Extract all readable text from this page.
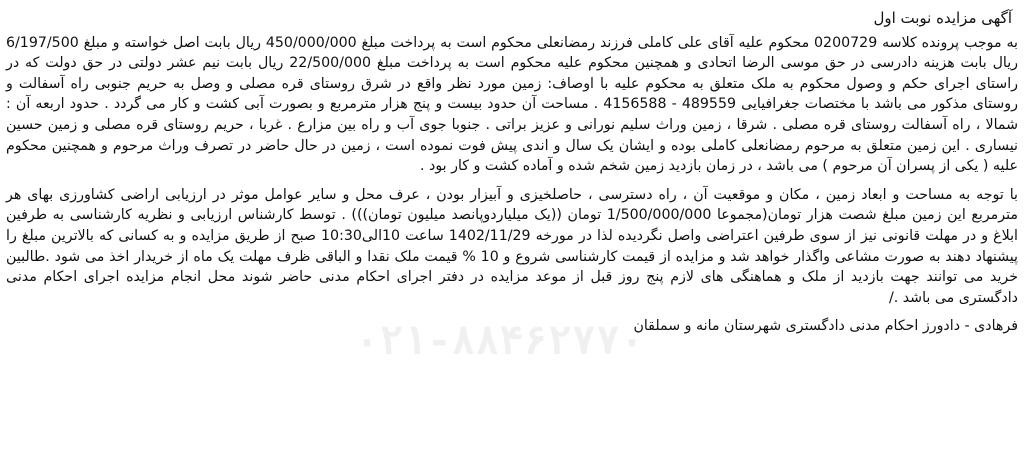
آگهی مزایده نوبت اول
به موجب پرونده کلاسه 0200729 محکوم علیه آقای علی کاملی فرزند رمضانعلی محکوم است به پرداخت مبلغ 450/000/000 ریال بابت اصل خواسته و مبلغ 6/197/500 ریال بابت هزینه دادرسی در حق موسی الرضا اتحادی و همچنین محکوم علیه محکوم است به پرداخت مبلغ 22/500/000 ریال بابت نیم عشر دولتی در حق دولت که در راستای اجرای حکم و وصول محکوم به ملک متعلق به محکوم علیه با اوصاف: زمین مورد نظر واقع در شرق روستای قره مصلی و وصل به حریم جنوبی راه آسفالت و روستای مذکور می باشد با مختصات جغرافیایی 489559 - 4156588 . مساحت آن حدود بیست و پنج هزار مترمربع و بصورت آبی کشت و کار می گردد . حدود اربعه آن : شمالا ، راه آسفالت روستای قره مصلی . شرقا ، زمین وراث سلیم نورانی و عزیز براتی . جنوبا جوی آب و راه بین مزارع . غربا ، حریم روستای قره مصلی و زمین حسین نیساری . این زمین متعلق به مرحوم رمضانعلی کاملی بوده و ایشان یک سال و اندی پیش فوت نموده است ، زمین در حال حاضر در تصرف وراث مرحوم و همچنین محکوم علیه ( یکی از پسران آن مرحوم ) می باشد ، در زمان بازدید زمین شخم شده و آماده کشت و کار بود .
با توجه به مساحت و ابعاد زمین ، مکان و موقعیت آن ، راه دسترسی ، حاصلخیزی و آبیزار بودن ، عرف محل و سایر عوامل موثر در ارزیابی اراضی کشاورزی بهای هر مترمربع این زمین مبلغ شصت هزار تومان(مجموعا 1/500/000/000 تومان ((یک میلیاردوپانصد میلیون تومان))) . توسط کارشناس ارزیابی و نظریه کارشناسی به طرفین ابلاغ و در مهلت قانونی نیز از سوی طرفین اعتراضی واصل نگردیده لذا در مورخه 1402/11/29 ساعت 10الی10:30 صبح از طریق مزایده و به کسانی که بالاترین مبلغ را پیشنهاد دهند به صورت مشاعی واگذار خواهد شد و مزایده از قیمت کارشناسی شروع و 10 % قیمت ملک نقدا و الباقی ظرف مهلت یک ماه از خریدار اخذ می شود .طالبین خرید می توانند جهت بازدید از ملک و هماهنگی های لازم پنج روز قبل از موعد مزایده در دفتر اجرای احکام مدنی حاضر شوند محل انجام مزایده اجرای احکام مدنی دادگستری می باشد ./
فرهادی - دادورز احکام مدنی دادگستری شهرستان مانه و سملقان
۰۲۱-۸۸۴۶۲۷۷۰
